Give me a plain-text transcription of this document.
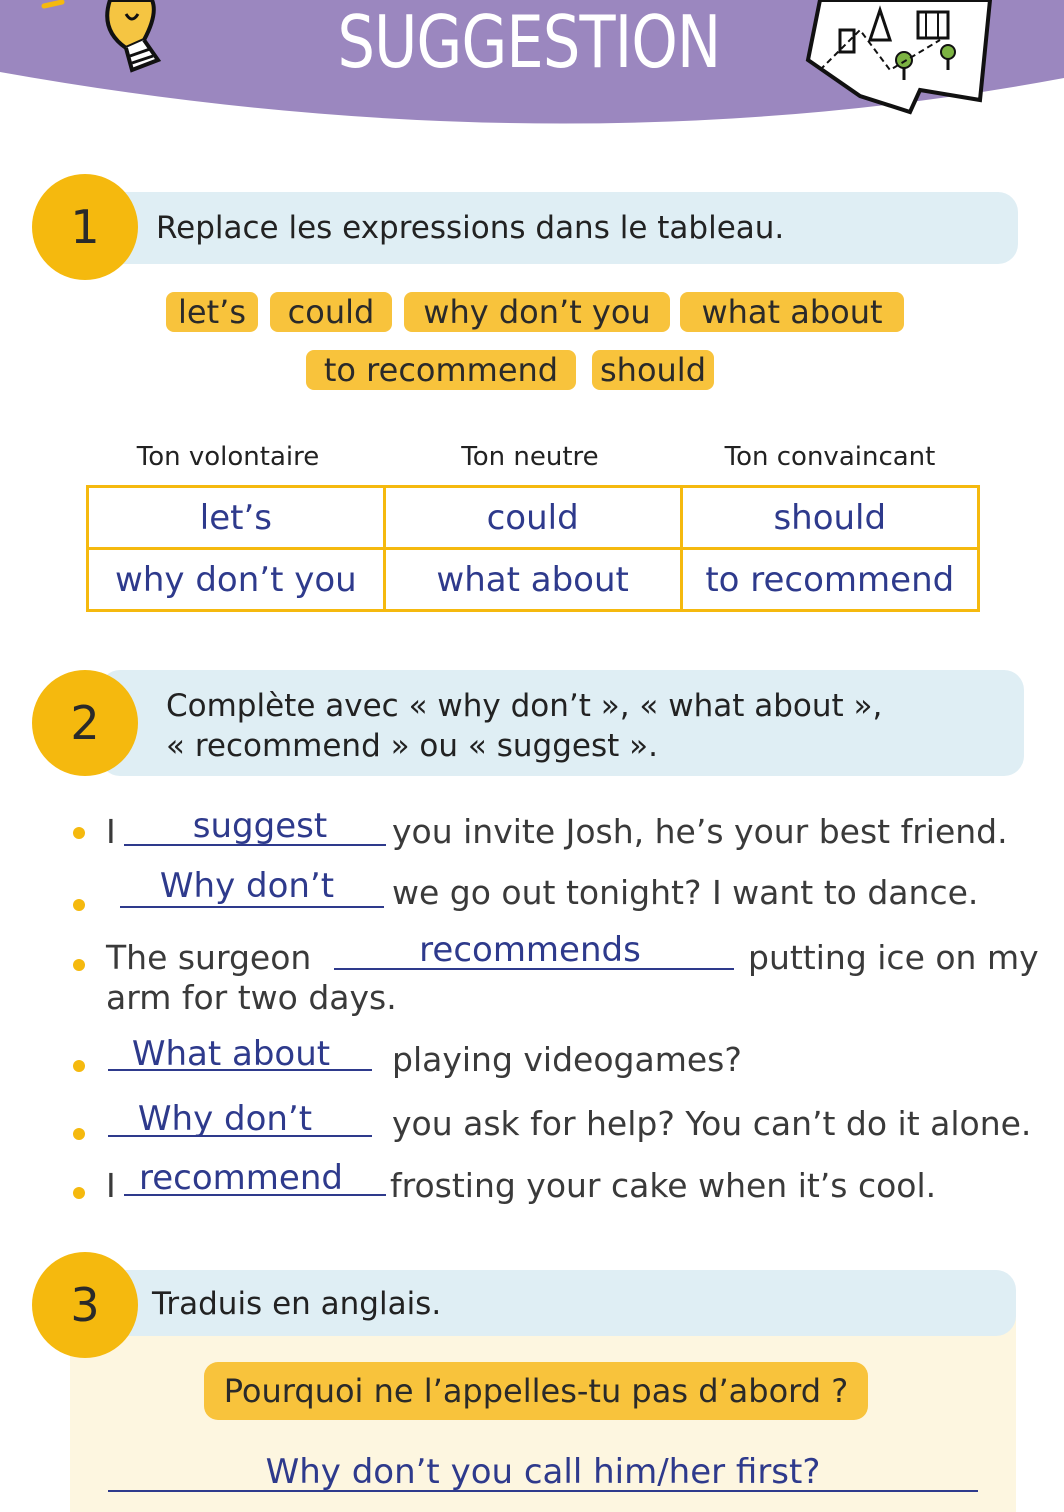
SUGGESTION
1	Replace les expressions dans le tableau.
let’s	could	why don’t you	what about
to recommend	should
Ton volontaire	Ton neutre	Ton convaincant
let’s	could	should
why don’t you	what about	to recommend
2	Complète avec « why don’t », « what about »,
« recommend » ou « suggest ».
I	suggest	you invite Josh, he’s your best friend.
Why don’t	we go out tonight? I want to dance.
The surgeon	recommends	putting ice on my
arm for two days.
What about	playing videogames?
Why don’t	you ask for help? You can’t do it alone.
I recommend	frosting your cake when it’s cool.
3	Traduis en anglais.
Pourquoi ne l’appelles-tu pas d’abord ?
Why don’t you call him/her first?
